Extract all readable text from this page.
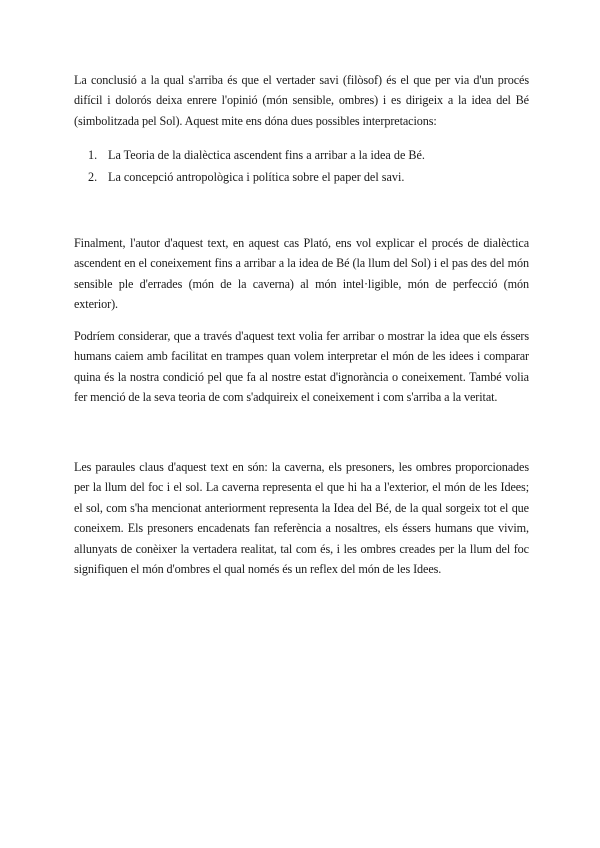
La conclusió a la qual s'arriba és que el vertader savi (filòsof) és el que per via d'un procés difícil i dolorós deixa enrere l'opinió (món sensible, ombres) i es dirigeix a la idea del Bé (simbolitzada pel Sol). Aquest mite ens dóna dues possibles interpretacions:

1. La Teoria de la dialèctica ascendent fins a arribar a la idea de Bé.
2. La concepció antropològica i política sobre el paper del savi.

Finalment, l'autor d'aquest text, en aquest cas Plató, ens vol explicar el procés de dialèctica ascendent en el coneixement fins a arribar a la idea de Bé (la llum del Sol) i el pas des del món sensible ple d'errades (món de la caverna) al món intel·ligible, món de perfecció (món exterior).

Podríem considerar, que a través d'aquest text volia fer arribar o mostrar la idea que els éssers humans caiem amb facilitat en trampes quan volem interpretar el món de les idees i comparar quina és la nostra condició pel que fa al nostre estat d'ignorància o coneixement. També volia fer menció de la seva teoria de com s'adquireix el coneixement i com s'arriba a la veritat.

Les paraules claus d'aquest text en són: la caverna, els presoners, les ombres proporcionades per la llum del foc i el sol. La caverna representa el que hi ha a l'exterior, el món de les Idees; el sol, com s'ha mencionat anteriorment representa la Idea del Bé, de la qual sorgeix tot el que coneixem. Els presoners encadenats fan referència a nosaltres, els éssers humans que vivim, allunyats de conèixer la vertadera realitat, tal com és, i les ombres creades per la llum del foc signifiquen el món d'ombres el qual només és un reflex del món de les Idees.
